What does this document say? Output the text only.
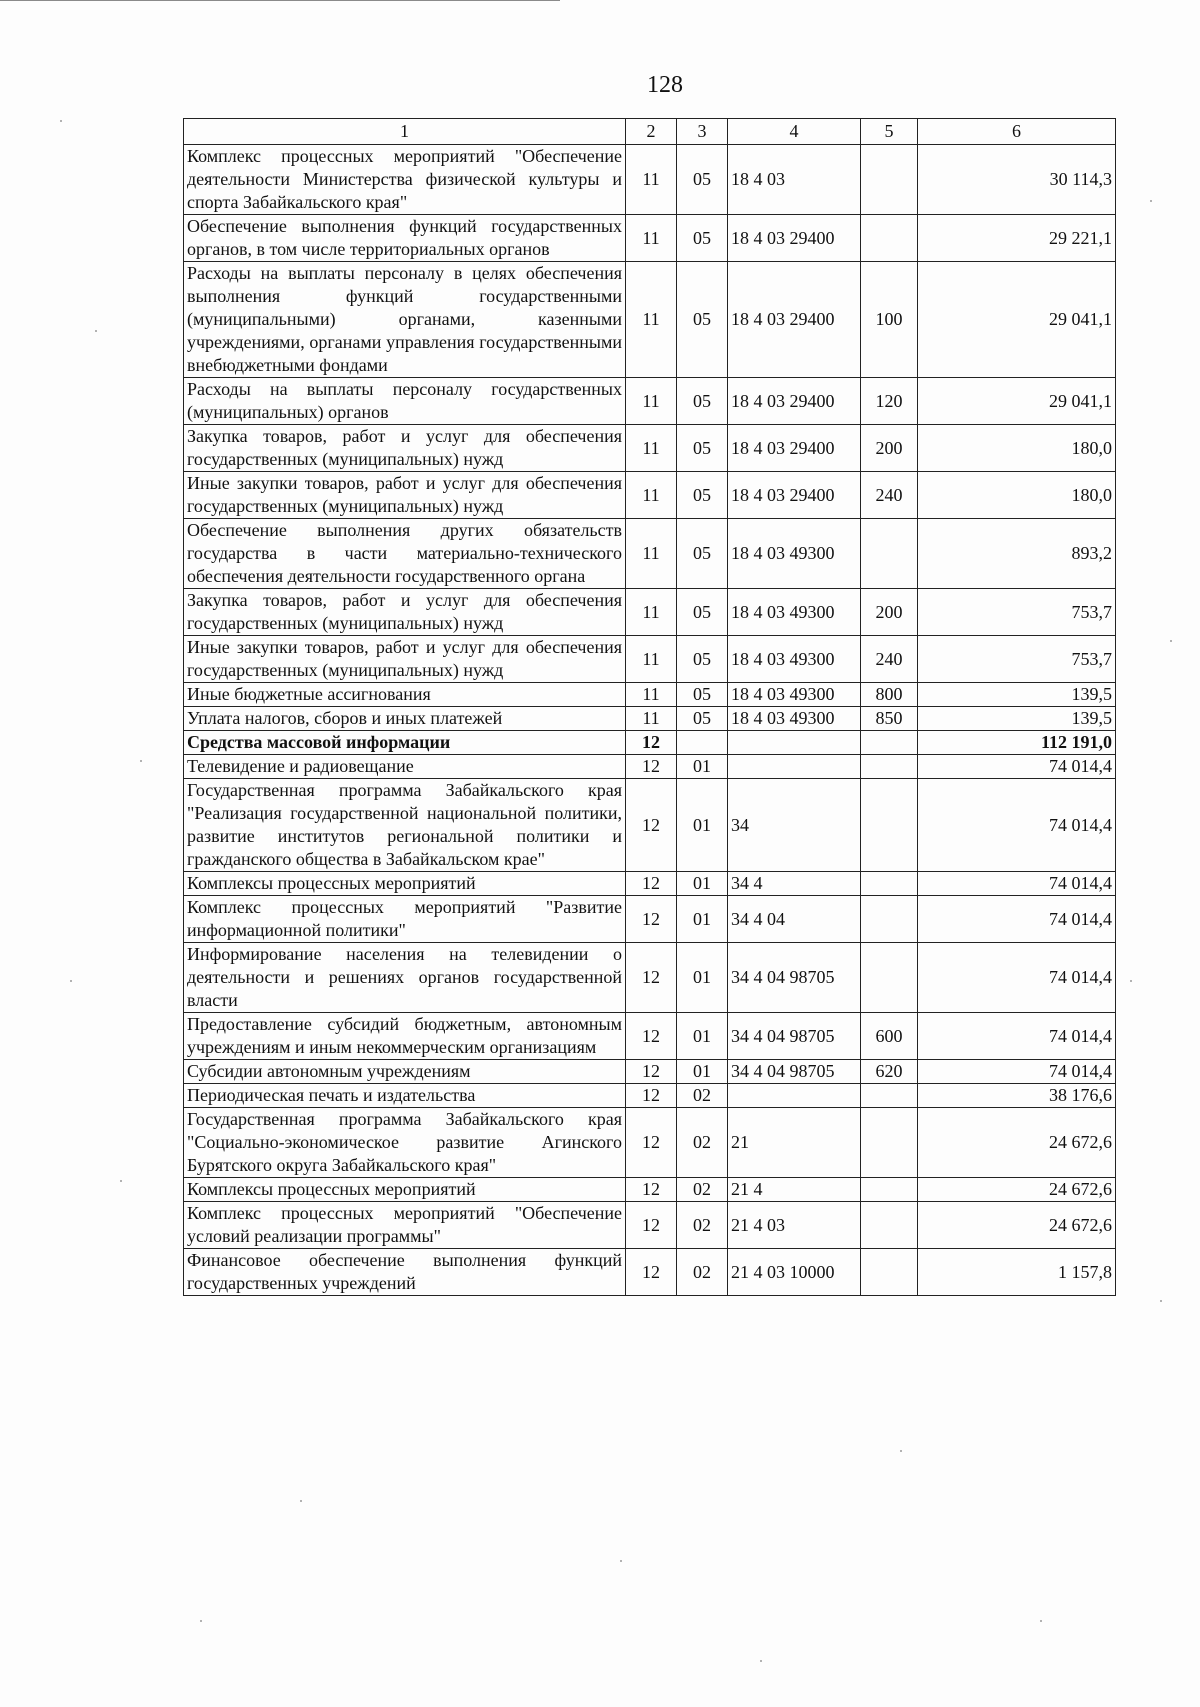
128
1	2	3	4	5	6
Комплекс процессных мероприятий "Обеспечение деятельности Министерства физической культуры и спорта Забайкальского края"	11	05	18 4 03		30 114,3
Обеспечение выполнения функций государственных органов, в том числе территориальных органов	11	05	18 4 03 29400		29 221,1
Расходы на выплаты персоналу в целях обеспечения выполнения функций государственными (муниципальными) органами, казенными учреждениями, органами управления государственными внебюджетными фондами	11	05	18 4 03 29400	100	29 041,1
Расходы на выплаты персоналу государственных (муниципальных) органов	11	05	18 4 03 29400	120	29 041,1
Закупка товаров, работ и услуг для обеспечения государственных (муниципальных) нужд	11	05	18 4 03 29400	200	180,0
Иные закупки товаров, работ и услуг для обеспечения государственных (муниципальных) нужд	11	05	18 4 03 29400	240	180,0
Обеспечение выполнения других обязательств государства в части материально-технического обеспечения деятельности государственного органа	11	05	18 4 03 49300		893,2
Закупка товаров, работ и услуг для обеспечения государственных (муниципальных) нужд	11	05	18 4 03 49300	200	753,7
Иные закупки товаров, работ и услуг для обеспечения государственных (муниципальных) нужд	11	05	18 4 03 49300	240	753,7
Иные бюджетные ассигнования	11	05	18 4 03 49300	800	139,5
Уплата налогов, сборов и иных платежей	11	05	18 4 03 49300	850	139,5
Средства массовой информации	12				112 191,0
Телевидение и радиовещание	12	01			74 014,4
Государственная программа Забайкальского края "Реализация государственной национальной политики, развитие институтов региональной политики и гражданского общества в Забайкальском крае"	12	01	34		74 014,4
Комплексы процессных мероприятий	12	01	34 4		74 014,4
Комплекс процессных мероприятий "Развитие информационной политики"	12	01	34 4 04		74 014,4
Информирование населения на телевидении о деятельности и решениях органов государственной власти	12	01	34 4 04 98705		74 014,4
Предоставление субсидий бюджетным, автономным учреждениям и иным некоммерческим организациям	12	01	34 4 04 98705	600	74 014,4
Субсидии автономным учреждениям	12	01	34 4 04 98705	620	74 014,4
Периодическая печать и издательства	12	02			38 176,6
Государственная программа Забайкальского края "Социально-экономическое развитие Агинского Бурятского округа Забайкальского края"	12	02	21		24 672,6
Комплексы процессных мероприятий	12	02	21 4		24 672,6
Комплекс процессных мероприятий "Обеспечение условий реализации программы"	12	02	21 4 03		24 672,6
Финансовое обеспечение выполнения функций государственных учреждений	12	02	21 4 03 10000		1 157,8
